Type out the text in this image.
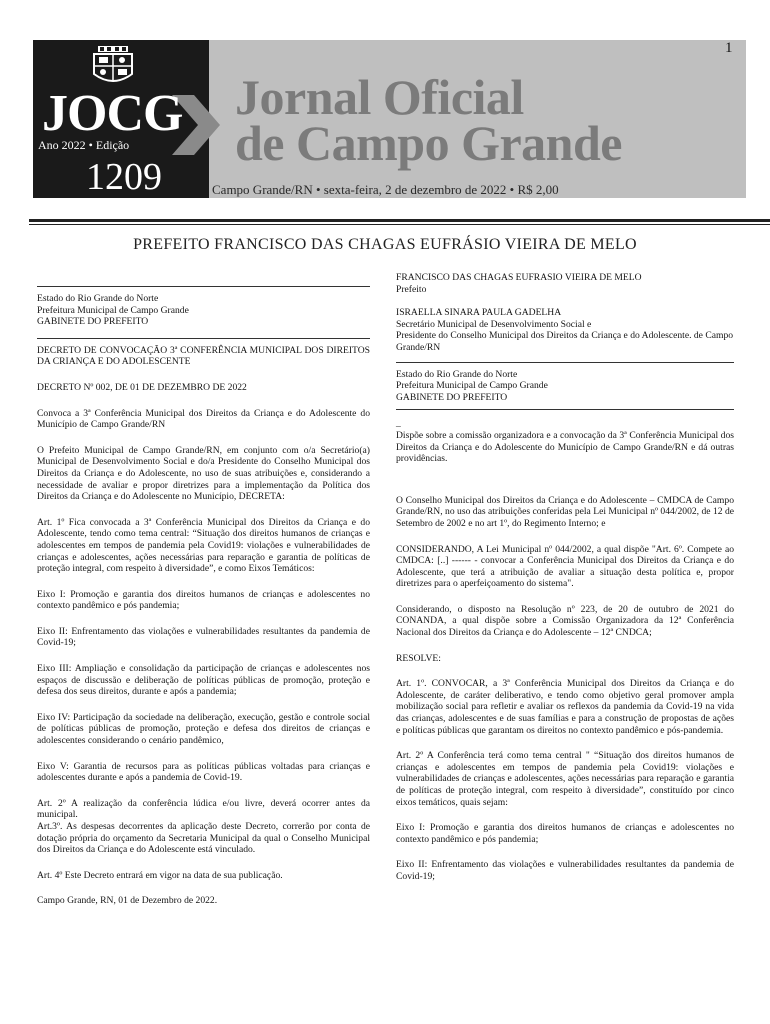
JOCG
Ano 2022 • Edição
1209
Jornal Oficial
de Campo Grande
Campo Grande/RN • sexta-feira, 2 de dezembro de 2022 • R$ 2,00
1
PREFEITO FRANCISCO DAS CHAGAS EUFRÁSIO VIEIRA DE MELO
Estado do Rio Grande do Norte
Prefeitura Municipal de Campo Grande
GABINETE DO PREFEITO

DECRETO DE CONVOCAÇÃO 3ª CONFERÊNCIA MUNICIPAL DOS DIREITOS DA CRIANÇA E DO ADOLESCENTE

DECRETO Nº 002, DE 01 DE DEZEMBRO DE 2022

Convoca a 3ª Conferência Municipal dos Direitos da Criança e do Adolescente do Município de Campo Grande/RN

O Prefeito Municipal de Campo Grande/RN, em conjunto com o/a Secretário(a) Municipal de Desenvolvimento Social e do/a Presidente do Conselho Municipal dos Direitos da Criança e do Adolescente, no uso de suas atribuições e, considerando a necessidade de avaliar e propor diretrizes para a implementação da Política dos Direitos da Criança e do Adolescente no Município, DECRETA:

Art. 1º Fica convocada a 3ª Conferência Municipal dos Direitos da Criança e do Adolescente, tendo como tema central: “Situação dos direitos humanos de crianças e adolescentes em tempos de pandemia pela Covid19: violações e vulnerabilidades de crianças e adolescentes, ações necessárias para reparação e garantia de políticas de proteção integral, com respeito à diversidade”, e como Eixos Temáticos:

Eixo I: Promoção e garantia dos direitos humanos de crianças e adolescentes no contexto pandêmico e pós pandemia;

Eixo II: Enfrentamento das violações e vulnerabilidades resultantes da pandemia de Covid-19;

Eixo III: Ampliação e consolidação da participação de crianças e adolescentes nos espaços de discussão e deliberação de políticas públicas de promoção, proteção e defesa dos seus direitos, durante e após a pandemia;

Eixo IV: Participação da sociedade na deliberação, execução, gestão e controle social de políticas públicas de promoção, proteção e defesa dos direitos de crianças e adolescentes considerando o cenário pandêmico,

Eixo V: Garantia de recursos para as políticas públicas voltadas para crianças e adolescentes durante e após a pandemia de Covid-19.

Art. 2º A realização da conferência lúdica e/ou livre, deverá ocorrer antes da municipal.
Art.3º. As despesas decorrentes da aplicação deste Decreto, correrão por conta de dotação própria do orçamento da Secretaria Municipal da qual o Conselho Municipal dos Direitos da Criança e do Adolescente está vinculado.

Art. 4º Este Decreto entrará em vigor na data de sua publicação.

Campo Grande, RN, 01 de Dezembro de 2022.

FRANCISCO DAS CHAGAS EUFRASIO VIEIRA DE MELO
Prefeito
ISRAELLA SINARA PAULA GADELHA
Secretário Municipal de Desenvolvimento Social e
Presidente do Conselho Municipal dos Direitos da Criança e do Adolescente. de Campo Grande/RN
Estado do Rio Grande do Norte
Prefeitura Municipal de Campo Grande
GABINETE DO PREFEITO
_

Dispõe sobre a comissão organizadora e a convocação da 3ª Conferência Municipal dos Direitos da Criança e do Adolescente do Município de Campo Grande/RN e dá outras providências.

O Conselho Municipal dos Direitos da Criança e do Adolescente – CMDCA de Campo Grande/RN, no uso das atribuições conferidas pela Lei Municipal nº 044/2002, de 12 de Setembro de 2002 e no art 1º, do Regimento Interno; e

CONSIDERANDO, A Lei Municipal nº 044/2002, a qual dispõe "Art. 6º. Compete ao CMDCA: [..] ------ - convocar a Conferência Municipal dos Direitos da Criança e do Adolescente, que terá a atribuição de avaliar a situação desta política e, propor diretrizes para o aperfeiçoamento do sistema".

Considerando, o disposto na Resolução nº 223, de 20 de outubro de 2021 do CONANDA, a qual dispõe sobre a Comissão Organizadora da 12ª Conferência Nacional dos Direitos da Criança e do Adolescente – 12ª CNDCA;

RESOLVE:

Art. 1º. CONVOCAR, a 3ª Conferência Municipal dos Direitos da Criança e do Adolescente, de caráter deliberativo, e tendo como objetivo geral promover ampla mobilização social para refletir e avaliar os reflexos da pandemia da Covid-19 na vida das crianças, adolescentes e de suas famílias e para a construção de propostas de ações e políticas públicas que garantam os direitos no contexto pandêmico e pós-pandemia.

Art. 2º A Conferência terá como tema central " “Situação dos direitos humanos de crianças e adolescentes em tempos de pandemia pela Covid19: violações e vulnerabilidades de crianças e adolescentes, ações necessárias para reparação e garantia de políticas de proteção integral, com respeito à diversidade”, constituído por cinco eixos temáticos, quais sejam:

Eixo I: Promoção e garantia dos direitos humanos de crianças e adolescentes no contexto pandêmico e pós pandemia;

Eixo II: Enfrentamento das violações e vulnerabilidades resultantes da pandemia de Covid-19;
